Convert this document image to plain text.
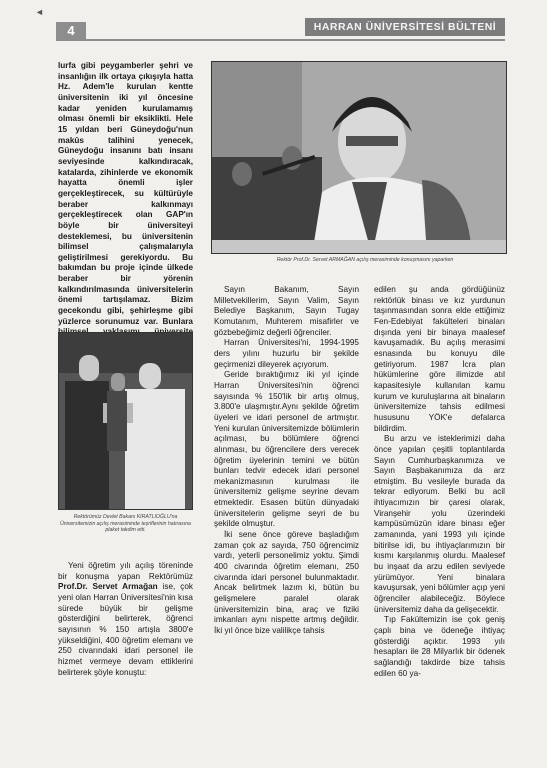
◄
4	HARRAN ÜNİVERSİTESİ BÜLTENİ

lurfa gibi peygamberler şehri ve insanlığın ilk ortaya çıkışıyla hatta Hz. Adem'le kurulan kentte üniversitenin iki yıl öncesine kadar yeniden kurulamamış olması önemli bir eksiklikti. Hele 15 yıldan beri Güneydoğu'nun makûs talihini yenecek, Güneydoğu insanını batı insanı seviyesinde kalkındıracak, katalarda, zihinlerde ve ekonomik hayatta önemli işler gerçekleştirecek, su kültürüyle beraber kalkınmayı gerçekleştirecek olan GAP'ın böyle bir üniversiteyi desteklemesi, bu üniversitenin bilimsel çalışmalarıyla geliştirilmesi gerekiyordu. Bu bakımdan bu proje içinde ülkede beraber bir yörenin kalkındırılmasında üniversitelerin önemi tartışılamaz. Bizim gecekondu gibi, şehirleşme gibi yüzlerce sorunumuz var. Bunlara

Rektörümüz Devlet Bakanı KIRATLIOĞLU'na Üniversitemizin açılış merasiminde teşriflerinin hatırasına plaket takdim etti.

Yeni öğretim yılı açılış töreninde bir konuşma yapan Rektörümüz Prof.Dr. Servet Armağan ise, çok yeni olan Harran Üniversitesi'nin kısa sürede büyük bir gelişme gösterdiğini belirterek, öğrenci sayısının % 150 artışla 3800'e yükseldiğini, 400 öğretim elemanı ve 250 civarındaki idari personel ile hizmet vermeye devam ettiklerini belirterek şöyle konuştu:

Rektör Prof.Dr. Servet ARMAĞAN açılış merasiminde konuşmasını yaparken

Sayın Bakanım, Sayın Milletvekillerim, Sayın Valim, Sayın Belediye Başkanım, Sayın Tugay Komutanım, Muhterem misafirler ve gözbebeğimiz değerli öğrenciler.

Harran Üniversitesi'ni, 1994-1995 ders yılını huzurlu bir şekilde geçirmenizi dileyerek açıyorum.

Geride bıraktığımız iki yıl içinde Harran Üniversitesi'nin öğrenci sayısında % 150'lik bir artış olmuş, 3.800'e ulaşmıştır.Aynı şekilde öğretim üyeleri ve idari personel de artmıştır. Yeni kurulan üniversitemizde bölümlerin açılması, bu bölümlere öğrenci alınması, bu öğrencilere ders verecek öğretim üyelerinin temini ve bütün bunları tedvir edecek idari personel mekanizmasının kurulması ile üniversitemiz gelişme seyrine devam etmektedir. Esasen bütün dünyadaki üniversitelerin gelişme seyri de bu şekilde olmuştur.

İki sene önce göreve başladığım zaman çok az sayıda, 750 öğrencimiz vardı, yeterli personelimiz yoktu. Şimdi 400 civarında öğretim elemanı, 250 civarında idari personel bulunmaktadır. Ancak belirtmek lazım ki, bütün bu gelişmelere paralel olarak üniversitemizin bina, araç ve fiziki imkanları aynı nispette artmış değildir. İki yıl önce bize valilikçe tahsis

edilen şu anda gördüğünüz rektörlük binası ve kız yurdunun taşınmasından sonra elde ettiğimiz Fen-Edebiyat fakülteleri binaları dışında yeni bir binaya maalesef kavuşamadık. Bu açılış merasimi esnasında bu konuyu dile getiriyorum. 1987 İcra plan hükümlerine göre ilimizde atıl kapasitesiyle kullanılan kamu kurum ve kuruluşlarına ait binaların üniversitemize tahsis edilmesi hususunu YÖK'e defalarca bildirdim.

Bu arzu ve isteklerimizi daha önce yapılan çeşitli toplantılarda Sayın Cumhurbaşkanımıza ve Sayın Başbakanımıza da arz etmiştim. Bu vesileyle burada da tekrar ediyorum. Belki bu acil ihtiyacımızın bir çaresi olarak, Viranşehir yolu üzerindeki kampüsümüzün idare binası eğer zamanında, yani 1993 yılı içinde bitirilse idi, bu ihtiyaçlarımızın bir kısmı karşılanmış olurdu. Maalesef bu inşaat da arzu edilen seviyede yürümüyor. Yeni binalara kavuşursak, yeni bölümler açıp yeni öğrenciler alabileceğiz. Böylece üniversitemiz daha da gelişecektir.

Tıp Fakültemizin ise çok geniş çaplı bina ve ödeneğe ihtiyaç gösterdiği açıktır. 1993 yılı hesapları ile 28 Milyarlık bir ödenek sağlandığı takdirde bize tahsis edilen 60 ya-
